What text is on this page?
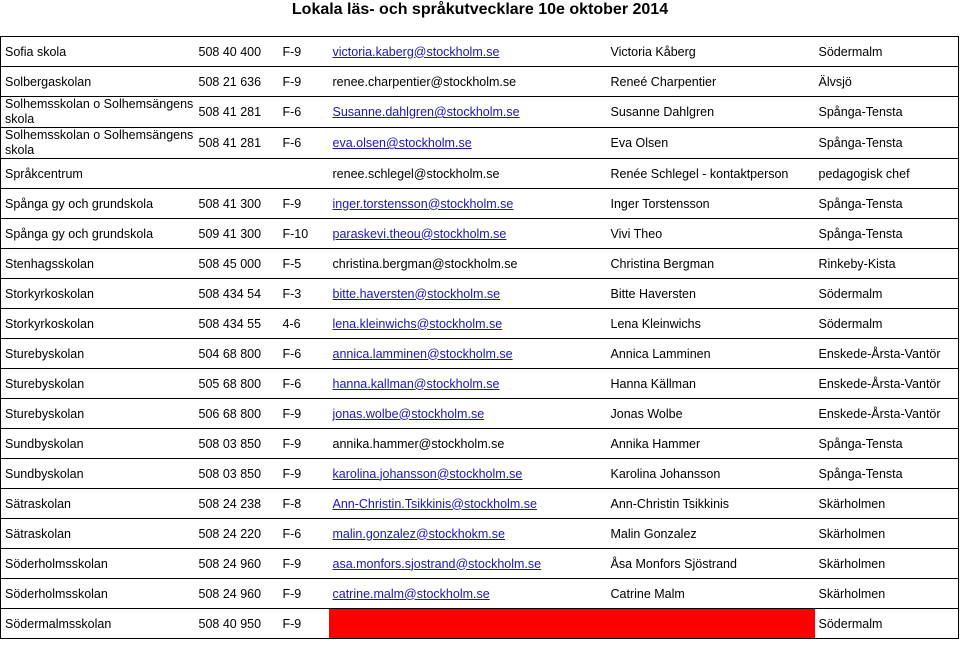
Lokala läs- och språkutvecklare 10e oktober 2014
Sofia skola	508 40 400	F-9	victoria.kaberg@stockholm.se	Victoria Kåberg	Södermalm
Solbergaskolan	508 21 636	F-9	renee.charpentier@stockholm.se	Reneé Charpentier	Älvsjö

Solhemsskolan o Solhemsängens skola	508 41 281	F-6	Susanne.dahlgren@stockholm.se	Susanne Dahlgren	Spånga-Tensta

Solhemsskolan o Solhemsängens skola	508 41 281	F-6	eva.olsen@stockholm.se	Eva Olsen	Spånga-Tensta
Språkcentrum			renee.schlegel@stockholm.se	Renée Schlegel - kontaktperson	pedagogisk chef
Spånga gy och grundskola	508 41 300	F-9	inger.torstensson@stockholm.se	Inger Torstensson	Spånga-Tensta
Spånga gy och grundskola	509 41 300	F-10	paraskevi.theou@stockholm.se	Vivi Theo	Spånga-Tensta
Stenhagsskolan	508 45 000	F-5	christina.bergman@stockholm.se	Christina Bergman	Rinkeby-Kista
Storkyrkoskolan	508 434 54	F-3	bitte.haversten@stockholm.se	Bitte Haversten	Södermalm
Storkyrkoskolan	508 434 55	4-6	lena.kleinwichs@stockholm.se	Lena Kleinwichs	Södermalm
Sturebyskolan	504 68 800	F-6	annica.lamminen@stockholm.se	Annica Lamminen	Enskede-Årsta-Vantör
Sturebyskolan	505 68 800	F-6	hanna.kallman@stockholm.se	Hanna Källman	Enskede-Årsta-Vantör
Sturebyskolan	506 68 800	F-9	jonas.wolbe@stockholm.se	Jonas Wolbe	Enskede-Årsta-Vantör
Sundbyskolan	508 03 850	F-9	annika.hammer@stockholm.se	Annika Hammer	Spånga-Tensta
Sundbyskolan	508 03 850	F-9	karolina.johansson@stockholm.se	Karolina Johansson	Spånga-Tensta
Sätraskolan	508 24 238	F-8	Ann-Christin.Tsikkinis@stockholm.se	Ann-Christin Tsikkinis	Skärholmen
Sätraskolan	508 24 220	F-6	malin.gonzalez@stockhokm.se	Malin Gonzalez	Skärholmen
Söderholmsskolan	508 24 960	F-9	asa.monfors.sjostrand@stockholm.se	Åsa Monfors Sjöstrand	Skärholmen
Söderholmsskolan	508 24 960	F-9	catrine.malm@stockholm.se	Catrine Malm	Skärholmen
Södermalmsskolan	508 40 950	F-9			Södermalm
